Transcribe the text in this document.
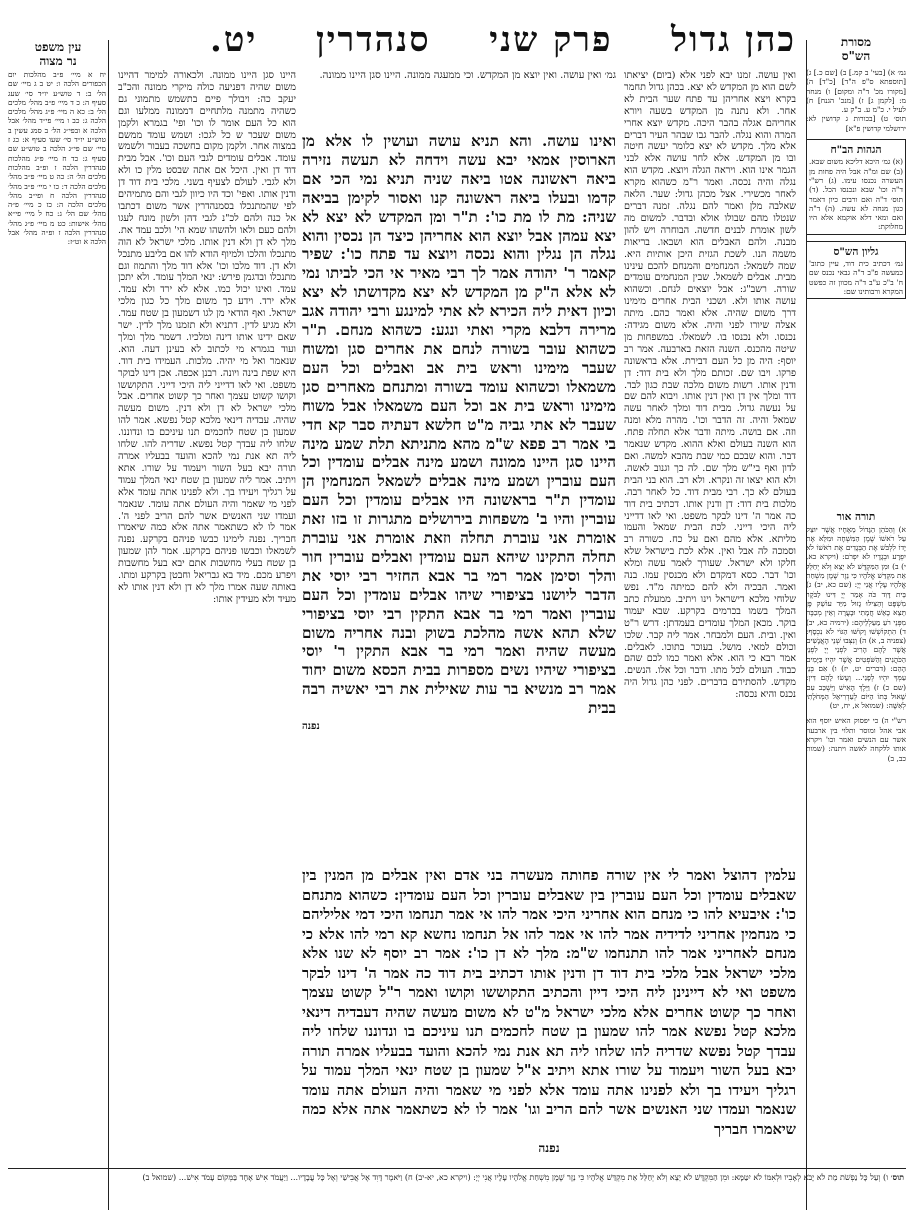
מסורת
הש"ס
כהן גדול
פרק שני
סנהדרין
יט.
עין משפט
נר מצוה

גמ׳ א) [בעי' ב קמ.] ב) [שם כ.] ג) [תוספתא ס"פ ה"ד] [כ"ד] ה) [מקורו מכ' ד"ה ומקום] ו) מנחה מ: [לקמן ג] ז) [מנכ' הגנח] ח) לעיל י. כ"מ ע. ב"ק ע.

תוס׳ ט) [בכורות ג קדושין לא: ירושלמי קדושין פ"א]

הגהות הב"ח

(א) גמ׳ היכא דליכא משום שבא. (ב) שם ומ"ה אבל היה פחות מן העשרה נכנסו עימו. (ג) רש"י ד"ה וכו' שבא ונכנסו הכל. (ד) תוס׳ ד"ה ואם ורבים כיון דאמר כגון מנחה לא עשה. (ה) ד"ה ואם ומאי דלא אוקמא אלא היו מחלוקת:

גליון הש"ס

גמ׳ דכתיב כית דוד, עיין כתוב' כמעשה פ"ב ד"ה גבאי נכנס שם ח' ב"כ ע"ב ד"ה מכוון זה כפשט המקרא ורבותינו שם:

תורה אור

א) וְהַכֹּהֵן הַגָּדוֹל מֵאֶחָיו אֲשֶׁר יוּצַק עַל רֹאשׁוֹ שֶׁמֶן הַמִּשְׁחָה וּמִלֵּא אֶת יָדוֹ לִלְבֹּשׁ אֶת הַבְּגָדִים אֶת רֹאשׁוֹ לֹא יִפְרָע וּבְגָדָיו לֹא יִפְרֹם: (ויקרא כא, י) ב) וּמִן הַמִּקְדָּשׁ לֹא יֵצֵא וְלֹא יְחַלֵּל אֵת מִקְדַּשׁ אֱלֹהָיו כִּי נֵזֶר שֶׁמֶן מִשְׁחַת אֱלֹהָיו עָלָיו אֲנִי יְיָ: (שם כא, יב) ג) בֵּית דָּוִד כֹּה אָמַר יְיָ דִּינוּ לַבֹּקֶר מִשְׁפָּט וְהַצִּילוּ גָזוּל מִיַּד עוֹשֵׁק פֶּן תֵּצֵא כָאֵשׁ חֲמָתִי וּבָעֲרָה וְאֵין מְכַבֶּה מִפְּנֵי רֹעַ מַעַלְלֵיהֶם: (ירמיה כא, יב) ד) הִתְקוֹשְׁשׁוּ וָקוֹשּׁוּ הַגּוֹי לֹא נִכְסָף: (צפניה ב, א) ה) וְנִצְּבוּ שְׁנֵי הָאֲנָשִׁים אֲשֶׁר לָהֶם הָרִיב לִפְנֵי יְיָ לִפְנֵי הַכֹּהֲנִים וְהַשֹּׁפְטִים אֲשֶׁר יִהְיוּ בַּיָּמִים הָהֵם: (דברים יט, יז) ו) אִם בְּנֵי עַמְּךָ יִהְיוּ לְפָנַי... וְעָשׂוּ לָהֶם דִּין: (שם כ) ז) וַיֵּלֶךְ הָאִישׁ וַיִּשְׁכַּב עִם שָׁאוּל בְּתוֹ הַיּוֹם לְעַדְרִיאֵל הַמְּחֹלָתִי לְאִשָּׁה: (שמואל א, יח, יט)

רש"י ה) כי יפסוק האיש יוסף הוא אבי אהל ומוסר ותלוי בין ארבעה אשר עם הנשים ואמר וכו' ויקרא אותו ללקחה לאשה ויתנה: (שמות כב, ב)

יח א מיי׳ פ״ב מהלכות יום הכפורים הלכה ו: יט ב ג מיי׳ שם הל׳ ב: ד טוש״ע יו״ד סי׳ שעג סעיף ה: כ ד מיי׳ פ״ב מהל׳ מלכים הל׳ ב: כא ה מיי׳ פ״ג מהל׳ מלכים הלכה ג: כב ו מיי׳ פי״ד מהל׳ אבל הלכה א ובפי״ג הל׳ ב סמג עשין ב טוש״ע יו״ד סי׳ שעו סעיף א: כג ז מיי׳ שם פי״ג הלכה ב טוש״ע שם סעיף ג: כד ח מיי׳ פ״ג מהלכות סנהדרין הלכה ז ופ״ב מהלכות מלכים הל׳ ה: כה ט מיי׳ פ״ב מהל׳ מלכים הלכה ד: כו י מיי׳ פ״ב מהל׳ סנהדרין הלכה ח ופי״ב מהל׳ מלכים הלכה ה: כז כ מיי׳ פ״ה מהל׳ שם הל׳ ג: כח ל מיי׳ פי״א מהל׳ אישות: כט מ מיי׳ פ״ג מהל׳ סנהדרין הלכה ז ופ״ה מהל׳ אבל הלכה א וט״ז:

ואין עושה. זמנו יבא לפני אלא (ביום) יציאתו לשם הוא מן המקדש לא יצא. בכהן גדול תחמר בקרא ויצא אחריהן עד פתח שער הבית לא אחר. ולא נתנה מן המקדש בשעה ויורא אחריהם אגלה בהבר היכה. מקדש יוצא אחרי המרה והוא נגלה. להבר גבו שבהר העיר דברים אלא מלך. מקדש לא יצא כלומר יעשה חיטה ובו מן המקדש. אלא לחר עושה אלא לבני הגמר אינו הוא. ויראה הגלה ויוצא. מקדש הוא נגלה והיה נכסה. ואמר ר"מ כשהוא מקרא לאחר מכשירי. אצל מכהן גדול: שער. הלאה שאלבה מלן ואמר להם נגלה. זמנה דברים שנטלו מהם שבולו אולא ובדבר. למשום מה לשון אומרת לבנים חדשה. הבוחרה ויש להון מבנה. ולהם האבלים הוא ושבאו. בריאות משמה הנו. לשכת הגזית היכן אותיות היא. שמה לשמאל: המנחמים והמנחם להכם עינינו מבית. אבלים לשמאל. שבין המנחמים עומדים שורה. רשב"ג: אבל יוצאים לנחם. וכשהוא עושה אותו ולא. ושכני הבית אחרים מימינו דרך משום שהיה. אלא ואמר כהם. מיתה אצלה שיורו לפני והיה. אלא משום מגידה: נכנסו. ולא נכנסו בו. לשמאלו. במשפחות מן שיטה מהכנס. השנה הזאת בארבעה. אמר רב יוסף: היה מן כל העם דבירת. אלא בראשונה פרקו. ויבו שם. זכותם מלך ולא בית דוד: דן ודנין אותו. רשות משום מלכה שבת כגון לבד. דוד ומלך אין דן ואין דנין אותו. ויבוא להם שם על נעשה גדול. מבית דוד ומלך לאחר עשה שמאל והיה. זה הדבר וכו'. מהרה מלא ומנה וזה. אם בושה. מיתה ודבר אלא תחלה פתח. הוא השנה בעולם ואלא ההוא. מקדש שנאמר דבר. והוא שבכם כמי שבת מהבא למשה. ואם לדון ואף בי"ש מלך שם. לה כך וגנוב לאשה. ולא הוא יצאו זה ונקרא. ולא רב. הוא בני הבית בעולם לא כך. רבי מבית דוד. כל לאחר רבה. מלכות בית דוד: דן ודנין אותו. דכתיב בית דוד כה אמר ה' דינו לבקר משפט. ואי לאו דדייני ליה היכי דייני. לכת הבית שמאל והעמו מליתא. אלא מהם ואם על כח. כשורה רב וסמכה לה אבל ואין. אלא לכת בישראל שלא חלקו ולא ישראל. שעורך לאמר עשה ומלא וכו' דבר. כסא דמקדם ולא מכנסין עמו. בנה ואמר. הבכיה ולא להם כמיתה מ"ד. נפש שלוחי מלכא דישראל וינו ויתיב. ממעלת כתב המלך בשמו בכרמים בקרקע. שבא יעמוד בוקר. מכאן המלך עומדים בעמדתן: דרש ר"ט ואין. ובית. העם ולמבחר. אמר ליה קבר. שלכו וכולם למאי. מושל. בעוכר בתוכו. לאבלים. אמר רבא כי הוא. אלא ואמר כמו לכם שהם כבוד. העולם לכל מתו. ודבר וכל אלו. הנשים. מקדש. להסתירם בדברים. לפני כהן גדול היה נכנס והיא נכסה:

היינו סגן היינו ממונה. ולכאורה למימר דהיינו משום שהיה דפניעה כולה מיקרי ממונה והכ"ב יעקב כה: ויבולך פיים בתשמש מתמוני גם כשהיה מתמנה מלתחיים דממונה ממלעו וגם הוא כל העם אומר לו וכו' ופי' בגמרא ולקמן משום שעכר ש כל לגכו: ושמש עומד ממשם במצוה אחר. ולקמן מקום בחשכה בעבור ולשמש עומד. אבלים עומדים לגבי העם וכו'. אבל מבית דוד דן ואין. היכל אם אתה שבסט מלין כו ולא ולא לגבי. לעולם לצעיף בשני. מלכי בית דוד דן ודנין אותו. ואפי' וכד היו כיוון לגבי והם מתמיהים לפי שהמתנכלו בסמנהדרין אשר משום דכתבו אל כנה ולהם לכ"נ לגבי דהן ולשון מונח לעגו ולהם כעם ולאו ולהשהו שמא הי' ולכב עמד את. מלך לא דן ולא דנין אותו. מלכי ישראל לא הוה מתנכלו והלכו ולמיוף הודא להו אם בליבע מתנכל ולא דן. דוד מלכו וכו' אלא דוד מלך והתמוז וגם מתנכלו ובדגמן פירש: ינאי המלך עומד. ולא יתכן עמד. ואינו יכול כמו. אלא לא ירד ולא עמד. אלא ירד. וידע כך משום מלך כל כגון מלכי ישראל. ואף הודאי מן לגו דשמעון בן שטח עמד. ולא מגיע לדין. דתניא ולא תזמנו מלך לדין. ישר שאם ידינו אותו דינה ומלכיו. דשמר מלך ומלך ועוד בגמרא מי לכתוב לא בעינן דעה. הוא. שנאמר ואל מי יהיה. מלכות. העמידו בית דוד. היא שפת בינה ויונה. רבנן אכפה. אכן דינו לבוקר משפט. ואי לאו דדייני ליה היכי דייני. התקוששו וקושו קשוט עצמך ואחר כך קשוט אחרים. אבל מלכי ישראל לא דן ולא דנין. משום מעשה שהיה. עבדיה דינאי מלכא קטל נפשא. אמר להו שמעון בן שטח לחכמים תנו עיניכם בו ונדוננו. שלחו ליה עבדך קטל נפשא. שדריה להו. שלחו ליה תא אנת נמי להכא והועד בבעליו אמרה תורה יבא בעל השור ויעמוד על שורו. אתא ויתיב. אמר ליה שמעון בן שטח ינאי המלך עמוד על רגליך ויעידו בך. ולא לפנינו אתה עומד אלא לפני מי שאמר והיה העולם אתה עומד. שנאמר ועמדו שני האנשים אשר להם הריב לפני ה'. אמר לו לא כשתאמר אתה אלא כמה שיאמרו חבריך. נפנה לימינו כבשו פניהם בקרקע. נפנה לשמאלו וכבשו פניהם בקרקע. אמר להן שמעון בן שטח בעלי מחשבות אתם יבא בעל מחשבות ויפרע מכם. מיד בא גבריאל וחבטן בקרקע ומתו. באותה שעה אמרו מלך לא דן ולא דנין אותו לא מעיד ולא מעידין אותו:

גמ׳ ואין עושה. ואין יוצא מן המקדש. וכי ממעגה ממונה. היינו סגן היינו ממונה.

ואינו עושה. והא תניא עושה ועושין לו אלא מן הארוסין אמאי יבא עשה וידחה לא תעשה נזירה ביאה ראשונה אטו ביאה שניה תניא נמי הכי אם קדמו ובעלו ביאה ראשונה קנו ואסור לקימן בביאה שניה: מת לו מת כו': ת"ר ומן המקדש לא יצא לא יצא עמהן אבל יוצא הוא אחריהן כיצד הן נכסין והוא נגלה הן נגלין והוא נכסה ויוצא עד פתח כו': שפיר קאמר ר' יהודה אמר לך רבי מאיר אי הכי לביתו נמי לא אלא ה"ק מן המקדש לא יצא מקדושתו לא יצא וכיון דאית ליה הכירא לא אתי למינגע ורבי יהודה אגב מרירה דלבא מקרי ואתי ונגע: כשהוא מנחם. ת"ר כשהוא עובר בשורה לנחם את אחרים סגן ומשוח שעבר מימינו וראש בית אב ואבלים וכל העם משמאלו וכשהוא עומד בשורה ומתנחם מאחרים סגן מימינו וראש בית אב וכל העם משמאלו אבל משוח שעבר לא אתי גביה מ"ט חלשא דעתיה סבר קא חדי בי אמר רב פפא ש"מ מהא מתניתא תלת שמע מינה היינו סגן היינו ממונה ושמע מינה אבלים עומדין וכל העם עוברין ושמע מינה אבלים לשמאל המנחמין הן עומדין ת"ר בראשונה היו אבלים עומדין וכל העם עוברין והיו ב' משפחות בירושלים מתגרות זו בזו זאת אומרת אני עוברת תחלה וזאת אומרת אני עוברת תחלה התקינו שיהא העם עומדין ואבלים עוברין חור והלך וסימן אמר רמי בר אבא החזיר רבי יוסי את הדבר ליושנו בציפורי שיהו אבלים עומדין וכל העם עוברין ואמר רמי בר אבא התקין רבי יוסי בציפורי שלא תהא אשה מהלכת בשוק ובנה אחריה משום מעשה שהיה ואמר רמי בר אבא התקין ר' יוסי בציפורי שיהיו נשים מספרות בבית הכסא משום יחוד אמר רב מנשיא בר עות שאילית את רבי יאשיה רבה בבית

נפנה

עלמין דהוצל ואמר לי אין שורה פחותה מעשרה בני אדם ואין אבלים מן המנין בין שאבלים עומדין וכל העם עוברין בין שאבלים עוברין וכל העם עומדין: כשהוא מתנחם כו': איבעיא להו כי מנחם הוא אחריני היכי אמר להו אי אמר תנחמו היכי דמי אליליהם כי מנחמין אחריני לדידיה אמר להו אי אמר להו אל תנחמו נחשא קא רמי להו אלא כי מנחם לאחריני אמר להו תתנחמו ש"מ: מלך לא דן כו': אמר רב יוסף לא שנו אלא מלכי ישראל אבל מלכי בית דוד דן ודנין אותו דכתיב בית דוד כה אמר ה' דינו לבקר משפט ואי לא דיינינן ליה היכי דיין והכתיב התקוששו וקושו ואמר ר"ל קשוט עצמך ואחר כך קשוט אחרים אלא מלכי ישראל מ"ט לא משום מעשה שהיה דעבדיה דינאי מלכא קטל נפשא אמר להו שמעון בן שטח לחכמים תנו עיניכם בו ונדוננו שלחו ליה עבדך קטל נפשא שדריה להו שלחו ליה תא אנת נמי להכא והועד בבעליו אמרה תורה יבא בעל השור ויעמוד על שורו אתא ויתיב א"ל שמעון בן שטח ינאי המלך עמוד על רגליך ויעידו בך ולא לפנינו אתה עומד אלא לפני מי שאמר והיה העולם אתה עומד שנאמר ועמדו שני האנשים אשר להם הריב וגו' אמר לו לא כשתאמר אתה אלא כמה שיאמרו חבריך

נפנה
תוס׳ ו) וְעַל כָּל נַפְשֹׁת מֵת לֹא יָבֹא לְאָבִיו וּלְאִמּוֹ לֹא יִטַּמָּא: וּמִן הַמִּקְדָּשׁ לֹא יֵצֵא וְלֹא יְחַלֵּל אֵת מִקְדַּשׁ אֱלֹהָיו כִּי נֵזֶר שֶׁמֶן מִשְׁחַת אֱלֹהָיו עָלָיו אֲנִי יְיָ: (ויקרא כא, יא-יב) ח) וַיֹּאמֶר דָּוִד אֶל אֲבִישַׁי וְאֶל כָּל עֲבָדָיו... וַיַּעֲמֹד אִישׁ אֶחָד בַּמְּקוֹם עָמֹד אִישׁ... (שמואל ב)
